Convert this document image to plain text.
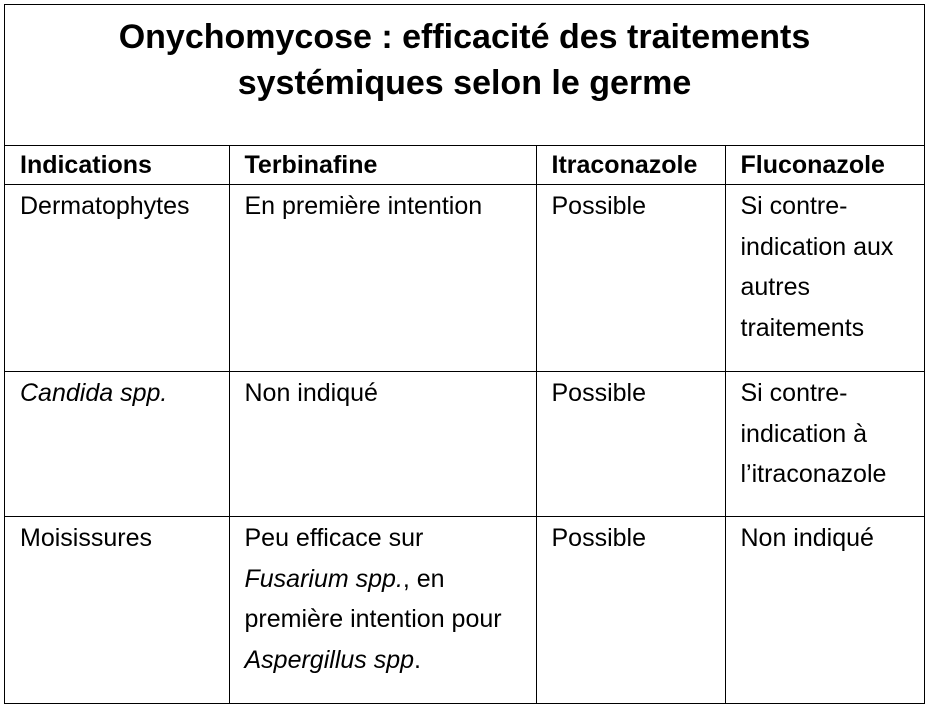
Onychomycose : efficacité des traitements
systémiques selon le germe
Indications	Terbinafine	Itraconazole	Fluconazole
Dermatophytes	En première intention	Possible	Si contre-indication aux autres traitements
Candida spp.	Non indiqué	Possible	Si contre-indication à l’itraconazole
Moisissures	Peu efficace sur Fusarium spp., en première intention pour Aspergillus spp.	Possible	Non indiqué
